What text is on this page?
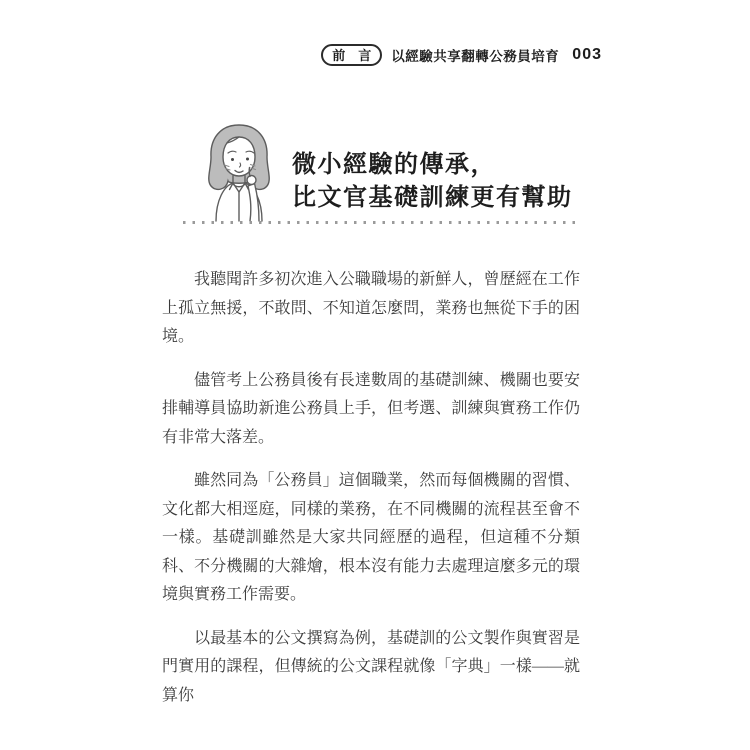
前　言 以經驗共享翻轉公務員培育 003
微小經驗的傳承，
比文官基礎訓練更有幫助

我聽聞許多初次進入公職職場的新鮮人，曾歷經在工作上孤立無援，不敢問、不知道怎麼問，業務也無從下手的困境。

儘管考上公務員後有長達數周的基礎訓練、機關也要安排輔導員協助新進公務員上手，但考選、訓練與實務工作仍有非常大落差。

雖然同為「公務員」這個職業，然而每個機關的習慣、文化都大相逕庭，同樣的業務，在不同機關的流程甚至會不一樣。基礎訓雖然是大家共同經歷的過程，但這種不分類科、不分機關的大雜燴，根本沒有能力去處理這麼多元的環境與實務工作需要。

以最基本的公文撰寫為例，基礎訓的公文製作與實習是門實用的課程，但傳統的公文課程就像「字典」一樣——就算你
